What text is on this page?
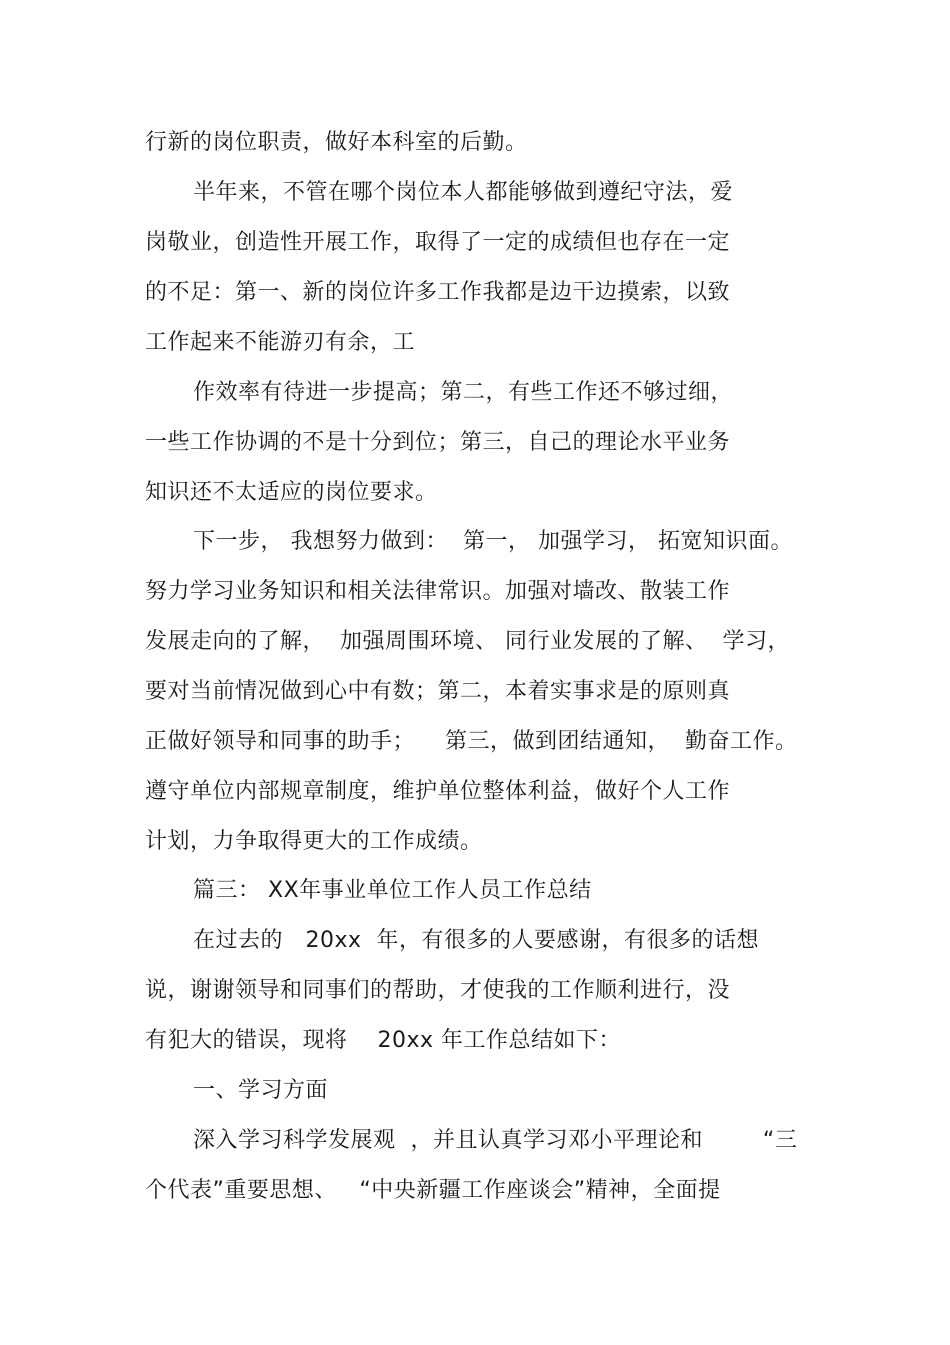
行新的岗位职责，做好本科室的后勤。
半年来，不管在哪个岗位本人都能够做到遵纪守法，爱
岗敬业，创造性开展工作，取得了一定的成绩但也存在一定
的不足：第一、新的岗位许多工作我都是边干边摸索，以致
工作起来不能游刃有余，工
作效率有待进一步提高；第二，有些工作还不够过细，
一些工作协调的不是十分到位；第三，自己的理论水平业务
知识还不太适应的岗位要求。
下一步， 我想努力做到：  第一， 加强学习， 拓宽知识面。
努力学习业务知识和相关法律常识。加强对墙改、散装工作
发展走向的了解，  加强周围环境、 同行业发展的了解、  学习，
要对当前情况做到心中有数；第二，本着实事求是的原则真
正做好领导和同事的助手；    第三，做到团结通知，  勤奋工作。
遵守单位内部规章制度，维护单位整体利益，做好个人工作
计划，力争取得更大的工作成绩。
篇三： XX年事业单位工作人员工作总结
在过去的   20xx  年，有很多的人要感谢，有很多的话想
说，谢谢领导和同事们的帮助，才使我的工作顺利进行，没
有犯大的错误，现将    20xx 年工作总结如下：
一、学习方面
深入学习科学发展观  ，并且认真学习邓小平理论和        “三
个代表”重要思想、   “中央新疆工作座谈会”精神，全面提
